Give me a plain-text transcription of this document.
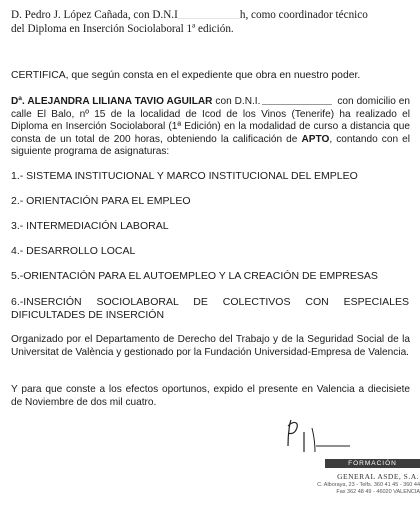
D. Pedro J. López Cañada, con D.N.I	h, como coordinador técnico
del Diploma en Inserción Sociolaboral 1ª edición.

CERTIFICA, que según consta en el expediente que obra en nuestro poder.

Dª. ALEJANDRA LILIANA TAVIO AGUILAR con D.N.I.	con domicilio en calle El Balo, nº 15 de la localidad de Icod de los Vinos (Tenerife) ha realizado el Diploma en Inserción Sociolaboral (1ª Edición) en la modalidad de curso a distancia que consta de un total de 200 horas, obteniendo la calificación de APTO, contando con el siguiente programa de asignaturas:

1.- SISTEMA INSTITUCIONAL Y MARCO INSTITUCIONAL DEL EMPLEO

2.- ORIENTACIÓN PARA EL EMPLEO

3.- INTERMEDIACIÓN LABORAL

4.- DESARROLLO LOCAL

5.-ORIENTACIÓN PARA EL AUTOEMPLEO Y LA CREACIÓN DE EMPRESAS

6.-INSERCIÓN SOCIOLABORAL DE COLECTIVOS CON ESPECIALES DIFICULTADES DE INSERCIÓN

Organizado por el Departamento de Derecho del Trabajo y de la Seguridad Social de la Universitat de València y gestionado por la Fundación Universidad-Empresa de Valencia.

Y para que conste a los efectos oportunos, expido el presente en Valencia a diecisiete de Noviembre de dos mil cuatro.

FORMACIÓN
GENERAL ASDE, S.A.
C. Alboraya, 23 - Telfs. 360 41 45 - 360 44
Fax 362 48 49 - 46020 VALENCIA
